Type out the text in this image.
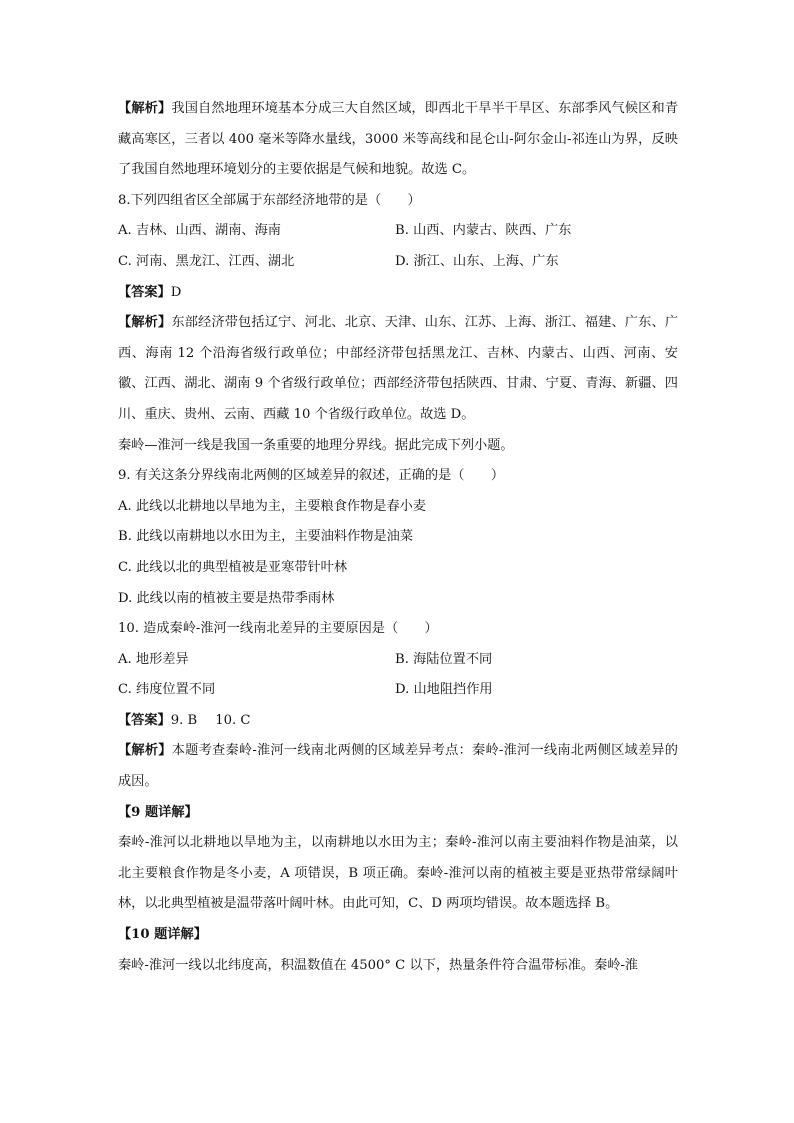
【解析】我国自然地理环境基本分成三大自然区域，即西北干旱半干旱区、东部季风气候区和青藏高寒区，三者以 400 毫米等降水量线，3000 米等高线和昆仑山-阿尔金山-祁连山为界，反映了我国自然地理环境划分的主要依据是气候和地貌。故选 C。

8.下列四组省区全部属于东部经济地带的是（　　）

A. 吉林、山西、湖南、海南	B. 山西、内蒙古、陕西、广东
C. 河南、黑龙江、江西、湖北	D. 浙江、山东、上海、广东

【答案】D

【解析】东部经济带包括辽宁、河北、北京、天津、山东、江苏、上海、浙江、福建、广东、广西、海南 12 个沿海省级行政单位；中部经济带包括黑龙江、吉林、内蒙古、山西、河南、安徽、江西、湖北、湖南 9 个省级行政单位；西部经济带包括陕西、甘肃、宁夏、青海、新疆、四川、重庆、贵州、云南、西藏 10 个省级行政单位。故选 D。

秦岭—淮河一线是我国一条重要的地理分界线。据此完成下列小题。

9. 有关这条分界线南北两侧的区域差异的叙述，正确的是（　　）

A. 此线以北耕地以旱地为主，主要粮食作物是春小麦

B. 此线以南耕地以水田为主，主要油料作物是油菜

C. 此线以北的典型植被是亚寒带针叶林

D. 此线以南的植被主要是热带季雨林

10. 造成秦岭-淮河一线南北差异的主要原因是（　　）

A. 地形差异	B. 海陆位置不同
C. 纬度位置不同	D. 山地阻挡作用

【答案】9. B 10. C

【解析】本题考查秦岭-淮河一线南北两侧的区域差异考点：秦岭-淮河一线南北两侧区域差异的成因。

【9 题详解】

秦岭-淮河以北耕地以旱地为主，以南耕地以水田为主；秦岭-淮河以南主要油料作物是油菜，以北主要粮食作物是冬小麦，A 项错误，B 项正确。秦岭-淮河以南的植被主要是亚热带常绿阔叶林，以北典型植被是温带落叶阔叶林。由此可知，C、D 两项均错误。故本题选择 B。

【10 题详解】

秦岭-淮河一线以北纬度高，积温数值在 4500° C 以下，热量条件符合温带标准。秦岭-淮
